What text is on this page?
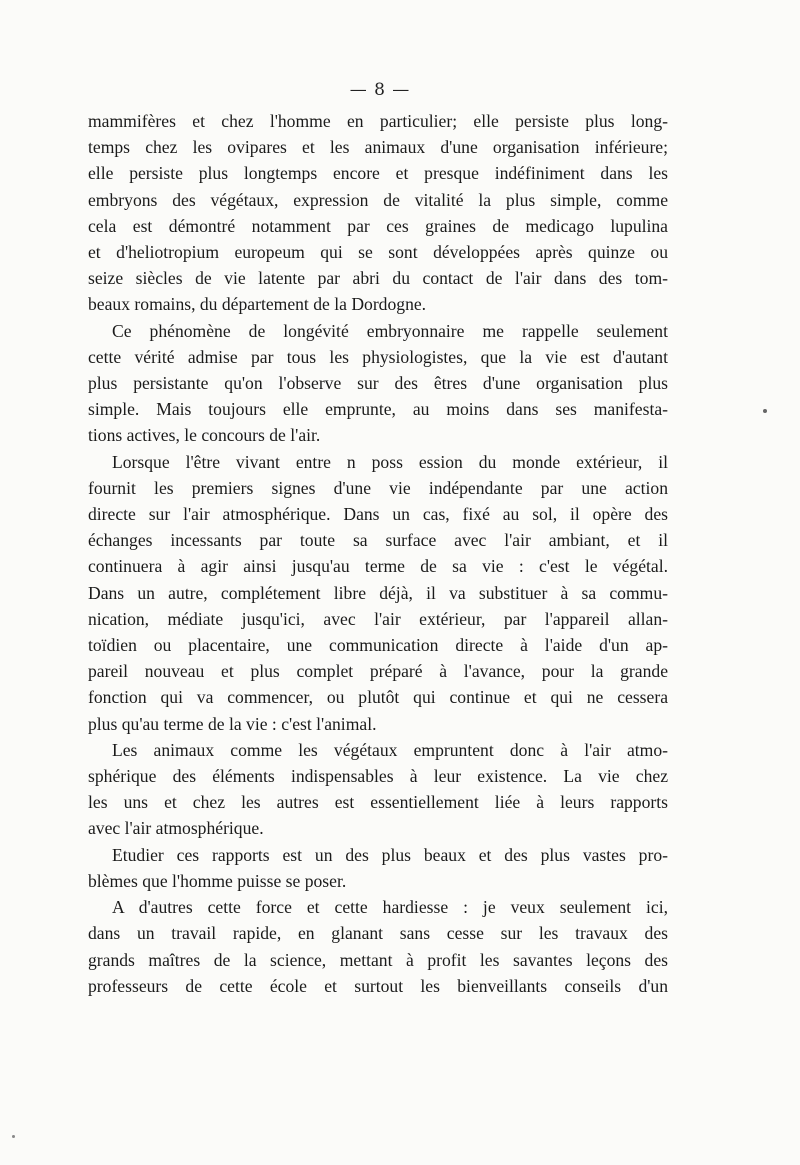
— 8 —
mammifères et chez l'homme en particulier; elle persiste plus long-
temps chez les ovipares et les animaux d'une organisation inférieure;
elle persiste plus longtemps encore et presque indéfiniment dans les
embryons des végétaux, expression de vitalité la plus simple, comme
cela est démontré notamment par ces graines de medicago lupulina
et d'heliotropium europeum qui se sont développées après quinze ou
seize siècles de vie latente par abri du contact de l'air dans des tom-
beaux romains, du département de la Dordogne.
Ce phénomène de longévité embryonnaire me rappelle seulement
cette vérité admise par tous les physiologistes, que la vie est d'autant
plus persistante qu'on l'observe sur des êtres d'une organisation plus
simple. Mais toujours elle emprunte, au moins dans ses manifesta-
tions actives, le concours de l'air.
Lorsque l'être vivant entre n poss ession du monde extérieur, il
fournit les premiers signes d'une vie indépendante par une action
directe sur l'air atmosphérique. Dans un cas, fixé au sol, il opère des
échanges incessants par toute sa surface avec l'air ambiant, et il
continuera à agir ainsi jusqu'au terme de sa vie : c'est le végétal.
Dans un autre, complétement libre déjà, il va substituer à sa commu-
nication, médiate jusqu'ici, avec l'air extérieur, par l'appareil allan-
toïdien ou placentaire, une communication directe à l'aide d'un ap-
pareil nouveau et plus complet préparé à l'avance, pour la grande
fonction qui va commencer, ou plutôt qui continue et qui ne cessera
plus qu'au terme de la vie : c'est l'animal.
Les animaux comme les végétaux empruntent donc à l'air atmo-
sphérique des éléments indispensables à leur existence. La vie chez
les uns et chez les autres est essentiellement liée à leurs rapports
avec l'air atmosphérique.
Etudier ces rapports est un des plus beaux et des plus vastes pro-
blèmes que l'homme puisse se poser.
A d'autres cette force et cette hardiesse : je veux seulement ici,
dans un travail rapide, en glanant sans cesse sur les travaux des
grands maîtres de la science, mettant à profit les savantes leçons des
professeurs de cette école et surtout les bienveillants conseils d'un
